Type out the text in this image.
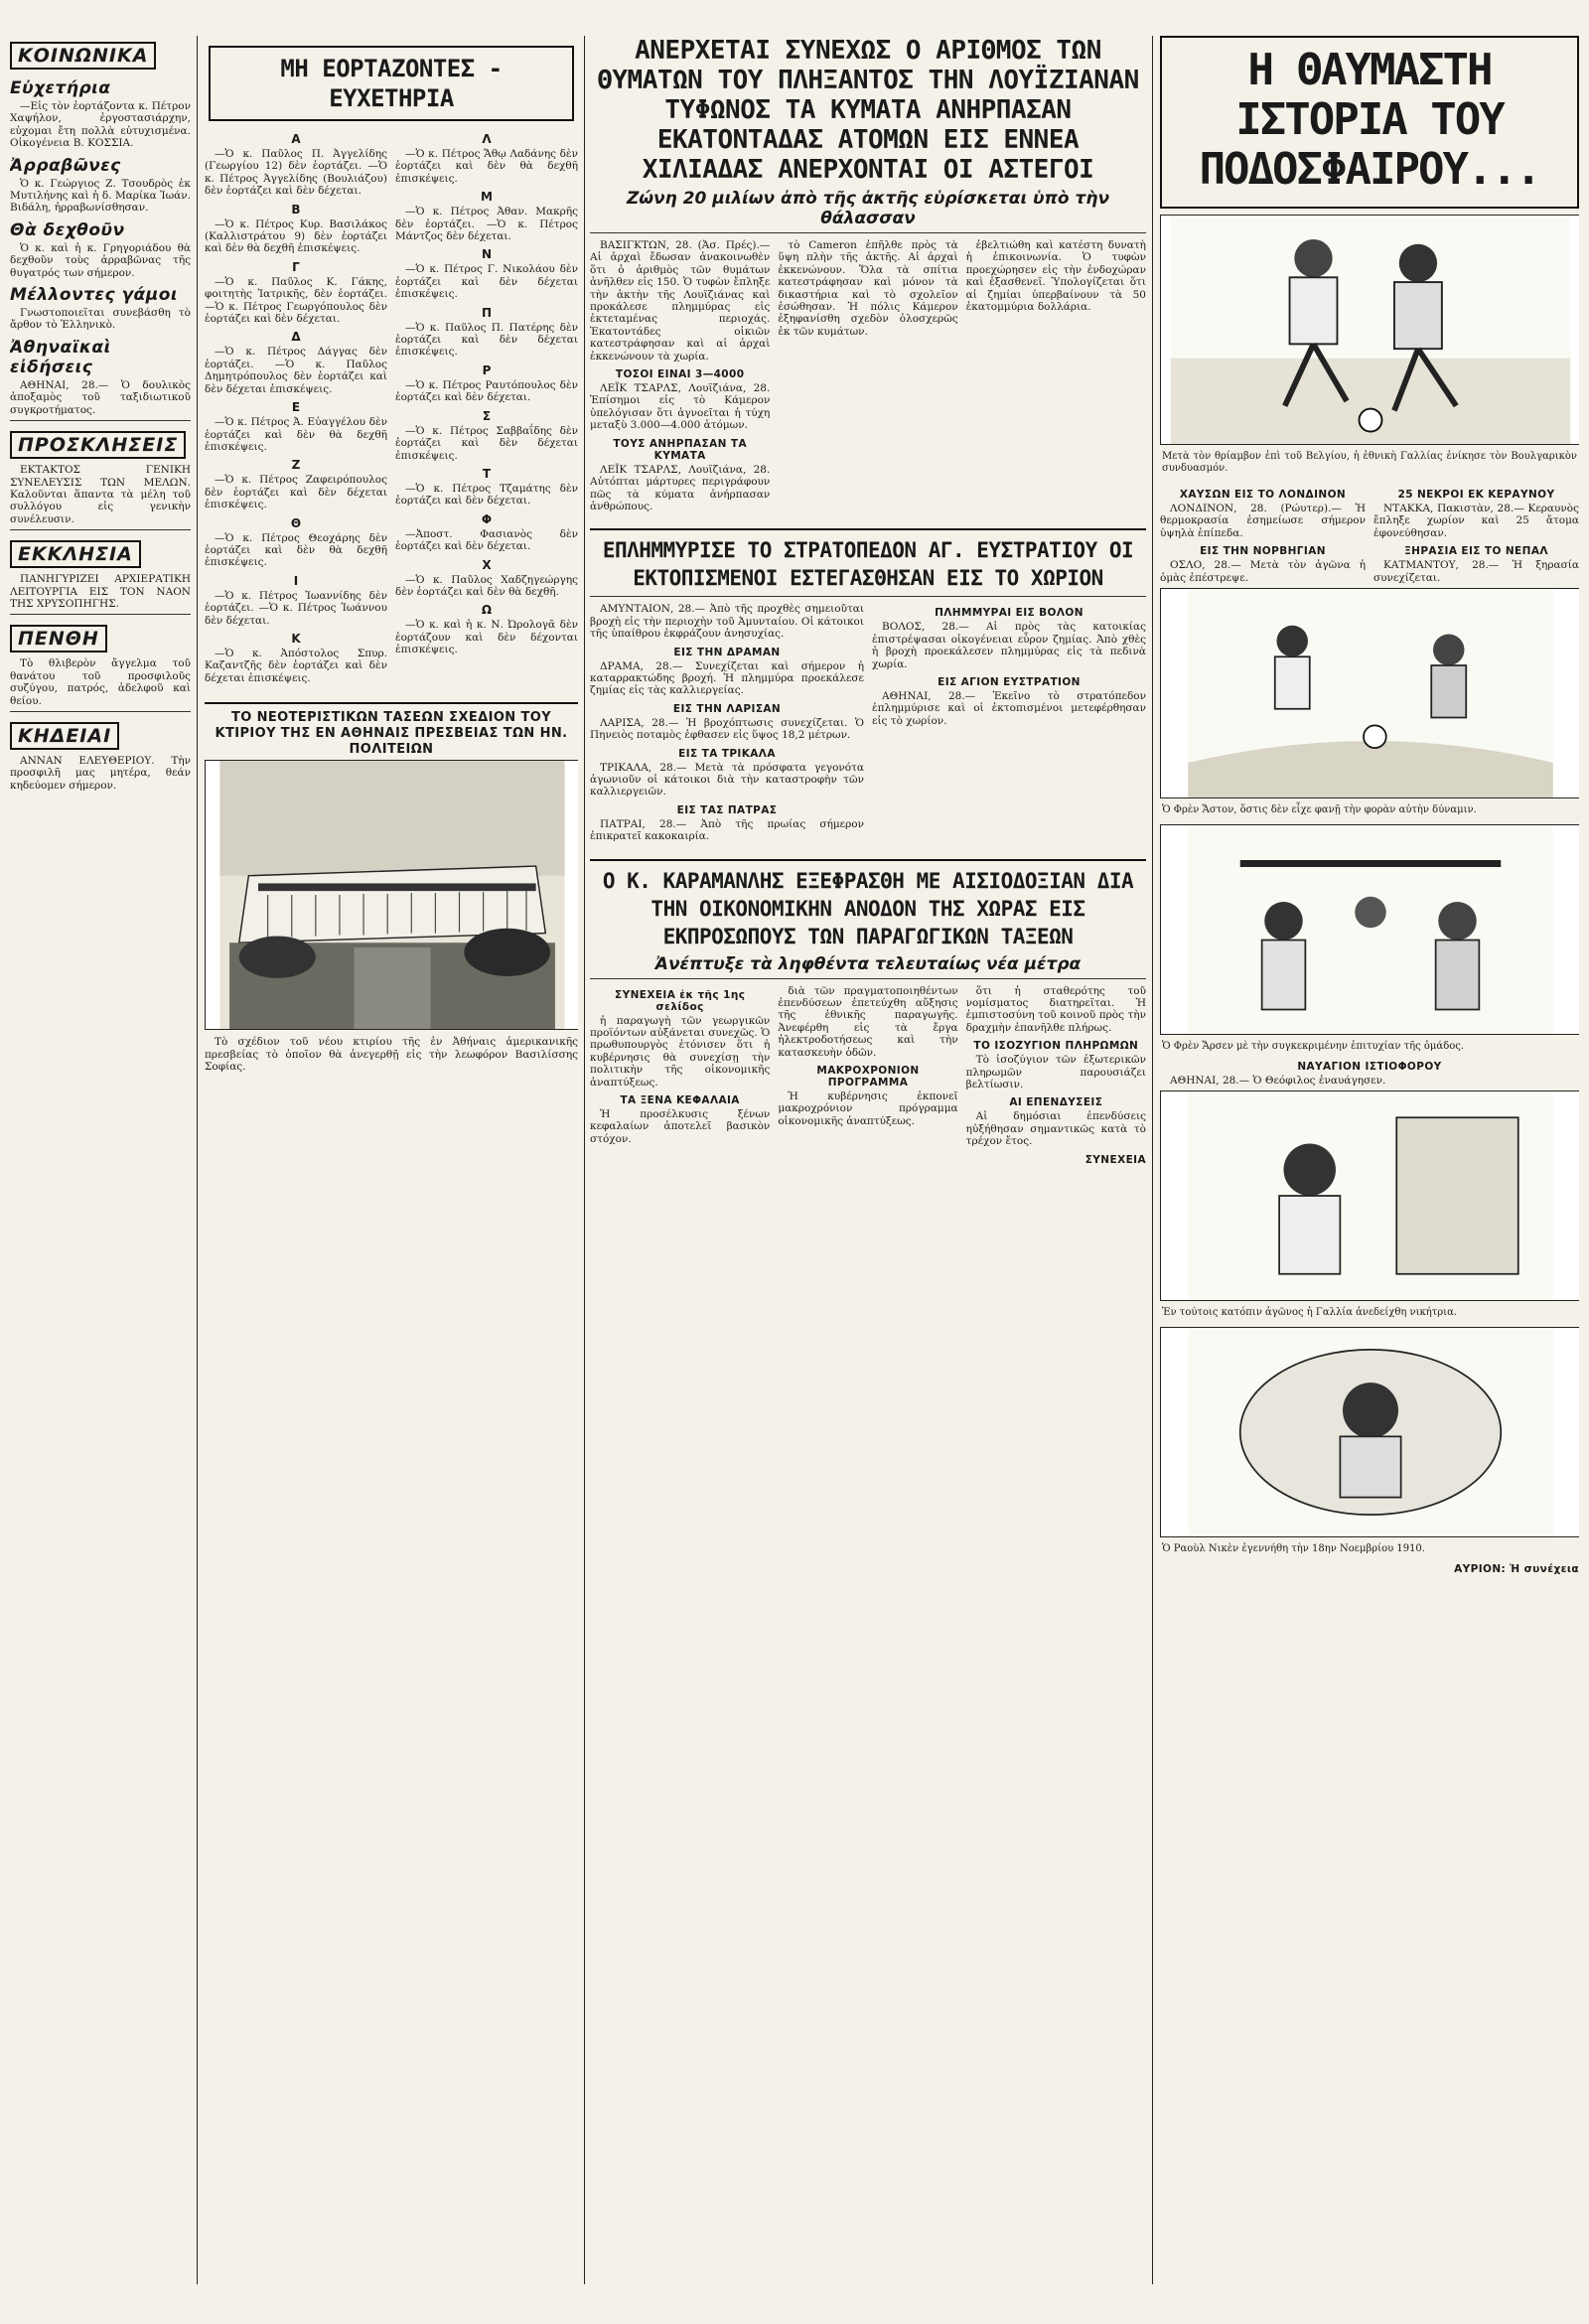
ΚΟΙΝΩΝΙΚΑ
Εὐχετήρια

—Εἰς τὸν ἑορτάζοντα κ. Πέτρον Χαψήλον, ἐργοστασιάρχην, εὐχομαι ἔτη πολλὰ εὐτυχισμένα. Οἰκογένεια Β. ΚΟΣΣΙΑ.

Ἀρραβῶνες

Ὁ κ. Γεώργιος Ζ. Τσουδρὸς ἐκ Μυτιλήνης καὶ ἡ δ. Μαρίκα Ἰωάν. Βιδάλη, ἠρραβωνίσθησαν.

Θὰ δεχθοῦν

Ὁ κ. καὶ ἡ κ. Γρηγοριάδου θὰ δεχθοῦν τοὺς ἀρραβῶνας τῆς θυγατρός των σήμερον.

Μέλλοντες γάμοι

Γνωστοποιεῖται συνεβάσθη τὸ ἄρθον τὸ Ἑλληνικὸ.

Ἀθηναϊκαὶ εἰδήσεις

ΑΘΗΝΑΙ, 28.— Ὁ δουλικὸς ἀποξαμὸς τοῦ ταξιδιωτικοῦ συγκροτήματος.

ΠΡΟΣΚΛΗΣΕΙΣ

ΕΚΤΑΚΤΟΣ ΓΕΝΙΚΗ ΣΥΝΕΛΕΥΣΙΣ ΤΩΝ ΜΕΛΩΝ. Καλοῦνται ἅπαντα τὰ μέλη τοῦ συλλόγου εἰς γενικὴν συνέλευσιν.

ΕΚΚΛΗΣΙΑ

ΠΑΝΗΓΥΡΙΖΕΙ ΑΡΧΙΕΡΑΤΙΚΗ ΛΕΙΤΟΥΡΓΙΑ ΕΙΣ ΤΟΝ ΝΑΟΝ ΤΗΣ ΧΡΥΣΟΠΗΓΗΣ.

ΠΕΝΘΗ

Τὸ θλιβερὸν ἄγγελμα τοῦ θανάτου τοῦ προσφιλοῦς συζύγου, πατρός, ἀδελφοῦ καὶ θείου.

ΚΗΔΕΙΑΙ

ΑΝΝΑΝ ΕΛΕΥΘΕΡΙΟΥ. Τὴν προσφιλῆ μας μητέρα, θεάν κηδεύομεν σήμερον.

ΜΗ ΕΟΡΤΑΖΟΝΤΕΣ - ΕΥΧΕΤΗΡΙΑ
Α

—Ὁ κ. Παῦλος Π. Ἀγγελίδης (Γεωργίου 12) δὲν ἑορτάζει. —Ὁ κ. Πέτρος Ἀγγελίδης (Βουλιάζου) δὲν ἑορτάζει καὶ δὲν δέχεται.

Β

—Ὁ κ. Πέτρος Κυρ. Βασιλάκος (Καλλιστράτου 9) δὲν ἑορτάζει καὶ δὲν θὰ δεχθῆ ἐπισκέψεις.

Γ

—Ὁ κ. Παῦλος Κ. Γάκης, φοιτητὴς Ἰατρικῆς, δὲν ἑορτάζει. —Ὁ κ. Πέτρος Γεωργόπουλος δὲν ἑορτάζει καὶ δὲν δέχεται.

Δ

—Ὁ κ. Πέτρος Δάγγας δὲν ἑορτάζει. —Ὁ κ. Παῦλος Δημητρόπουλος δὲν ἑορτάζει καὶ δὲν δέχεται ἐπισκέψεις.

Ε

—Ὁ κ. Πέτρος Ἀ. Εὐαγγέλου δὲν ἑορτάζει καὶ δὲν θὰ δεχθῆ ἐπισκέψεις.

Ζ

—Ὁ κ. Πέτρος Ζαφειρόπουλος δὲν ἑορτάζει καὶ δὲν δέχεται ἐπισκέψεις.

Θ

—Ὁ κ. Πέτρος Θεοχάρης δὲν ἑορτάζει καὶ δὲν θὰ δεχθῆ ἐπισκέψεις.

Ι

—Ὁ κ. Πέτρος Ἰωαννίδης δὲν ἑορτάζει. —Ὁ κ. Πέτρος Ἰωάννου δὲν δέχεται.

Κ

—Ὁ κ. Ἀπόστολος Σπυρ. Καζαντζῆς δὲν ἑορτάζει καὶ δὲν δέχεται ἐπισκέψεις.

Λ

—Ὁ κ. Πέτρος Ἄθῳ Λαδάνης δὲν ἑορτάζει καὶ δὲν θὰ δεχθῆ ἐπισκέψεις.

Μ

—Ὁ κ. Πέτρος Ἀθαν. Μακρῆς δὲν ἑορτάζει. —Ὁ κ. Πέτρος Μάντζος δὲν δέχεται.

Ν

—Ὁ κ. Πέτρος Γ. Νικολάου δὲν ἑορτάζει καὶ δὲν δέχεται ἐπισκέψεις.

Π

—Ὁ κ. Παῦλος Π. Πατέρης δὲν ἑορτάζει καὶ δὲν δέχεται ἐπισκέψεις.

Ρ

—Ὁ κ. Πέτρος Ραυτόπουλος δὲν ἑορτάζει καὶ δὲν δέχεται.

Σ

—Ὁ κ. Πέτρος Σαββαΐδης δὲν ἑορτάζει καὶ δὲν δέχεται ἐπισκέψεις.

Τ

—Ὁ κ. Πέτρος Τζαμάτης δὲν ἑορτάζει καὶ δὲν δέχεται.

Φ

—Ἀποστ. Φασιανὸς δὲν ἑορτάζει καὶ δὲν δέχεται.

Χ

—Ὁ κ. Παῦλος Χαδζηγεώργης δὲν ἑορτάζει καὶ δὲν θὰ δεχθῆ.

Ω

—Ὁ κ. καὶ ἡ κ. Ν. Ὠρολογᾶ δὲν ἑορτάζουν καὶ δὲν δέχονται ἐπισκέψεις.

ΤΟ ΝΕΟΤΕΡΙΣΤΙΚΩΝ ΤΑΣΕΩΝ ΣΧΕΔΙΟΝ ΤΟΥ ΚΤΙΡΙΟΥ ΤΗΣ ΕΝ ΑΘΗΝΑΙΣ ΠΡΕΣΒΕΙΑΣ ΤΩΝ ΗΝ. ΠΟΛΙΤΕΙΩΝ

Τὸ σχέδιον τοῦ νέου κτιρίου τῆς ἐν Ἀθήναις ἀμερικανικῆς πρεσβείας τὸ ὁποῖον θὰ ἀνεγερθῇ εἰς τὴν λεωφόρον Βασιλίσσης Σοφίας.

ΑΝΕΡΧΕΤΑΙ ΣΥΝΕΧΩΣ Ο ΑΡΙΘΜΟΣ ΤΩΝ ΘΥΜΑΤΩΝ ΤΟΥ ΠΛΗΞΑΝΤΟΣ ΤΗΝ ΛΟΥΪΖΙΑΝΑΝ ΤΥΦΩΝΟΣ ΤΑ ΚΥΜΑΤΑ ΑΝΗΡΠΑΣΑΝ ΕΚΑΤΟΝΤΑΔΑΣ ΑΤΟΜΩΝ ΕΙΣ ΕΝΝΕΑ ΧΙΛΙΑΔΑΣ ΑΝΕΡΧΟΝΤΑΙ ΟΙ ΑΣΤΕΓΟΙ
Ζώνη 20 μιλίων ἀπὸ τῆς ἀκτῆς εὑρίσκεται ὑπὸ τὴν θάλασσαν

ΒΑΣΙΓΚΤΩΝ, 28. (Ἀσ. Πρές).— Αἱ ἀρχαὶ ἔδωσαν ἀνακοινωθὲν ὅτι ὁ ἀριθμὸς τῶν θυμάτων ἀνῆλθεν εἰς 150. Ὁ τυφὼν ἔπληξε τὴν ἀκτὴν τῆς Λουϊζιάνας καὶ προκάλεσε πλημμύρας εἰς ἐκτεταμένας περιοχάς. Ἑκατοντάδες οἰκιῶν κατεστράφησαν καὶ αἱ ἀρχαὶ ἐκκενώνουν τὰ χωρία.

ΤΟΣΟΙ ΕΙΝΑΙ 3—4000

ΛΕΪΚ ΤΣΑΡΛΣ, Λουϊζιάνα, 28. Ἐπίσημοι εἰς τὸ Κάμερον ὑπελόγισαν ὅτι ἀγνοεῖται ἡ τύχη μεταξὺ 3.000—4.000 ἀτόμων.

ΤΟΥΣ ΑΝΗΡΠΑΣΑΝ ΤΑ ΚΥΜΑΤΑ

ΛΕΪΚ ΤΣΑΡΛΣ, Λουϊζιάνα, 28. Αὐτόπται μάρτυρες περιγράφουν πῶς τὰ κύματα ἀνήρπασαν ἀνθρώπους.

τὸ Cameron ἐπῆλθε πρὸς τὰ ὕψη πλὴν τῆς ἀκτῆς. Αἱ ἀρχαὶ ἐκκενώνουν. Ὅλα τὰ σπίτια κατεστράφησαν καὶ μόνον τὰ δικαστήρια καὶ τὸ σχολεῖον ἐσώθησαν. Ἡ πόλις Κάμερον ἐξηφανίσθη σχεδὸν ὁλοσχερῶς ἐκ τῶν κυμάτων.

ἐβελτιώθη καὶ κατέστη δυνατὴ ἡ ἐπικοινωνία. Ὁ τυφὼν προεχώρησεν εἰς τὴν ἐνδοχώραν καὶ ἐξασθενεῖ. Ὑπολογίζεται ὅτι αἱ ζημίαι ὑπερβαίνουν τὰ 50 ἑκατομμύρια δολλάρια.

ΕΠΛΗΜΜΥΡΙΣΕ ΤΟ ΣΤΡΑΤΟΠΕΔΟΝ ΑΓ. ΕΥΣΤΡΑΤΙΟΥ ΟΙ ΕΚΤΟΠΙΣΜΕΝΟΙ ΕΣΤΕΓΑΣΘΗΣΑΝ ΕΙΣ ΤΟ ΧΩΡΙΟΝ

ΑΜΥΝΤΑΙΟΝ, 28.— Ἀπὸ τῆς προχθὲς σημειοῦται βροχὴ εἰς τὴν περιοχὴν τοῦ Ἀμυνταίου. Οἱ κάτοικοι τῆς ὑπαίθρου ἐκφράζουν ἀνησυχίας.

ΕΙΣ ΤΗΝ ΔΡΑΜΑΝ

ΔΡΑΜΑ, 28.— Συνεχίζεται καὶ σήμερον ἡ καταρρακτώδης βροχή. Ἡ πλημμύρα προεκάλεσε ζημίας εἰς τὰς καλλιεργείας.

ΕΙΣ ΤΗΝ ΛΑΡΙΣΑΝ

ΛΑΡΙΣΑ, 28.— Ἡ βροχόπτωσις συνεχίζεται. Ὁ Πηνειὸς ποταμὸς ἐφθασεν εἰς ὕψος 18,2 μέτρων.

ΕΙΣ ΤΑ ΤΡΙΚΑΛΑ

ΤΡΙΚΑΛΑ, 28.— Μετὰ τὰ πρόσφατα γεγονότα ἀγωνιοῦν οἱ κάτοικοι διὰ τὴν καταστροφὴν τῶν καλλιεργειῶν.

ΕΙΣ ΤΑΣ ΠΑΤΡΑΣ

ΠΑΤΡΑΙ, 28.— Ἀπὸ τῆς πρωίας σήμερον ἐπικρατεῖ κακοκαιρία.

ΠΛΗΜΜΥΡΑΙ ΕΙΣ ΒΟΛΟΝ

ΒΟΛΟΣ, 28.— Αἱ πρὸς τὰς κατοικίας ἐπιστρέψασαι οἰκογένειαι εὗρον ζημίας. Ἀπὸ χθὲς ἡ βροχὴ προεκάλεσεν πλημμύρας εἰς τὰ πεδινὰ χωρία.

ΕΙΣ ΑΓΙΟΝ ΕΥΣΤΡΑΤΙΟΝ

ΑΘΗΝΑΙ, 28.— Ἐκεῖνο τὸ στρατόπεδον ἐπλημμύρισε καὶ οἱ ἐκτοπισμένοι μετεφέρθησαν εἰς τὸ χωρίον.

Ο Κ. ΚΑΡΑΜΑΝΛΗΣ ΕΞΕΦΡΑΣΘΗ ΜΕ ΑΙΣΙΟΔΟΞΙΑΝ ΔΙΑ ΤΗΝ ΟΙΚΟΝΟΜΙΚΗΝ ΑΝΟΔΟΝ ΤΗΣ ΧΩΡΑΣ ΕΙΣ ΕΚΠΡΟΣΩΠΟΥΣ ΤΩΝ ΠΑΡΑΓΩΓΙΚΩΝ ΤΑΞΕΩΝ
Ἀνέπτυξε τὰ ληφθέντα τελευταίως νέα μέτρα
ΣΥΝΕΧΕΙΑ ἐκ τῆς 1ης σελίδος

ἡ παραγωγὴ τῶν γεωργικῶν προϊόντων αὐξάνεται συνεχῶς. Ὁ πρωθυπουργὸς ἐτόνισεν ὅτι ἡ κυβέρνησις θὰ συνεχίσῃ τὴν πολιτικὴν τῆς οἰκονομικῆς ἀναπτύξεως.

ΤΑ ΞΕΝΑ ΚΕΦΑΛΑΙΑ

Ἡ προσέλκυσις ξένων κεφαλαίων ἀποτελεῖ βασικὸν στόχον.

διὰ τῶν πραγματοποιηθέντων ἐπενδύσεων ἐπετεύχθη αὔξησις τῆς ἐθνικῆς παραγωγῆς. Ἀνεφέρθη εἰς τὰ ἔργα ἠλεκτροδοτήσεως καὶ τὴν κατασκευὴν ὁδῶν.

ΜΑΚΡΟΧΡΟΝΙΟΝ ΠΡΟΓΡΑΜΜΑ

Ἡ κυβέρνησις ἐκπονεῖ μακροχρόνιον πρόγραμμα οἰκονομικῆς ἀναπτύξεως.

ὅτι ἡ σταθερότης τοῦ νομίσματος διατηρεῖται. Ἡ ἐμπιστοσύνη τοῦ κοινοῦ πρὸς τὴν δραχμὴν ἐπανῆλθε πλήρως.

ΤΟ ΙΣΟΖΥΓΙΟΝ ΠΛΗΡΩΜΩΝ

Τὸ ἰσοζύγιον τῶν ἐξωτερικῶν πληρωμῶν παρουσιάζει βελτίωσιν.

ΑΙ ΕΠΕΝΔΥΣΕΙΣ

Αἱ δημόσιαι ἐπενδύσεις ηὐξήθησαν σημαντικῶς κατὰ τὸ τρέχον ἔτος.

ΣΥΝΕΧΕΙΑ
Η ΘΑΥΜΑΣΤΗ ΙΣΤΟΡΙΑ ΤΟΥ ΠΟΔΟΣΦΑΙΡΟΥ...

Μετὰ τὸν θρίαμβον ἐπὶ τοῦ Βελγίου, ἡ ἐθνικὴ Γαλλίας ἐνίκησε τὸν Βουλγαρικὸν συνδυασμόν.

ΧΑΥΣΩΝ ΕΙΣ ΤΟ ΛΟΝΔΙΝΟΝ

ΛΟΝΔΙΝΟΝ, 28. (Ρώυτερ).— Ἡ θερμοκρασία ἐσημείωσε σήμερον ὑψηλὰ ἐπίπεδα.

ΕΙΣ ΤΗΝ ΝΟΡΒΗΓΙΑΝ

ΟΣΛΟ, 28.— Μετὰ τὸν ἀγῶνα ἡ ὁμὰς ἐπέστρεψε.

25 ΝΕΚΡΟΙ ΕΚ ΚΕΡΑΥΝΟΥ

ΝΤΑΚΚΑ, Πακιστὰν, 28.— Κεραυνὸς ἔπληξε χωρίον καὶ 25 ἄτομα ἐφονεύθησαν.

ΞΗΡΑΣΙΑ ΕΙΣ ΤΟ ΝΕΠΑΛ

ΚΑΤΜΑΝΤΟΥ, 28.— Ἡ ξηρασία συνεχίζεται.

Ὁ Φρὲν Ἄστον, ὅστις δὲν εἶχε φανῇ τὴν φορὰν αὐτὴν δύναμιν.

Ὁ Φρὲν Ἄρσεν μὲ τὴν συγκεκριμένην ἐπιτυχίαν τῆς ὁμάδος.

ΝΑΥΑΓΙΟΝ ΙΣΤΙΟΦΟΡΟΥ

ΑΘΗΝΑΙ, 28.— Ὁ Θεόφιλος ἐναυάγησεν.

Ἐν τούτοις κατόπιν ἀγῶνος ἡ Γαλλία ἀνεδείχθη νικήτρια.

Ὁ Ραοὺλ Νικὲν ἐγεννήθη τὴν 18ην Νοεμβρίου 1910.

ΑΥΡΙΟΝ: Ἡ συνέχεια
